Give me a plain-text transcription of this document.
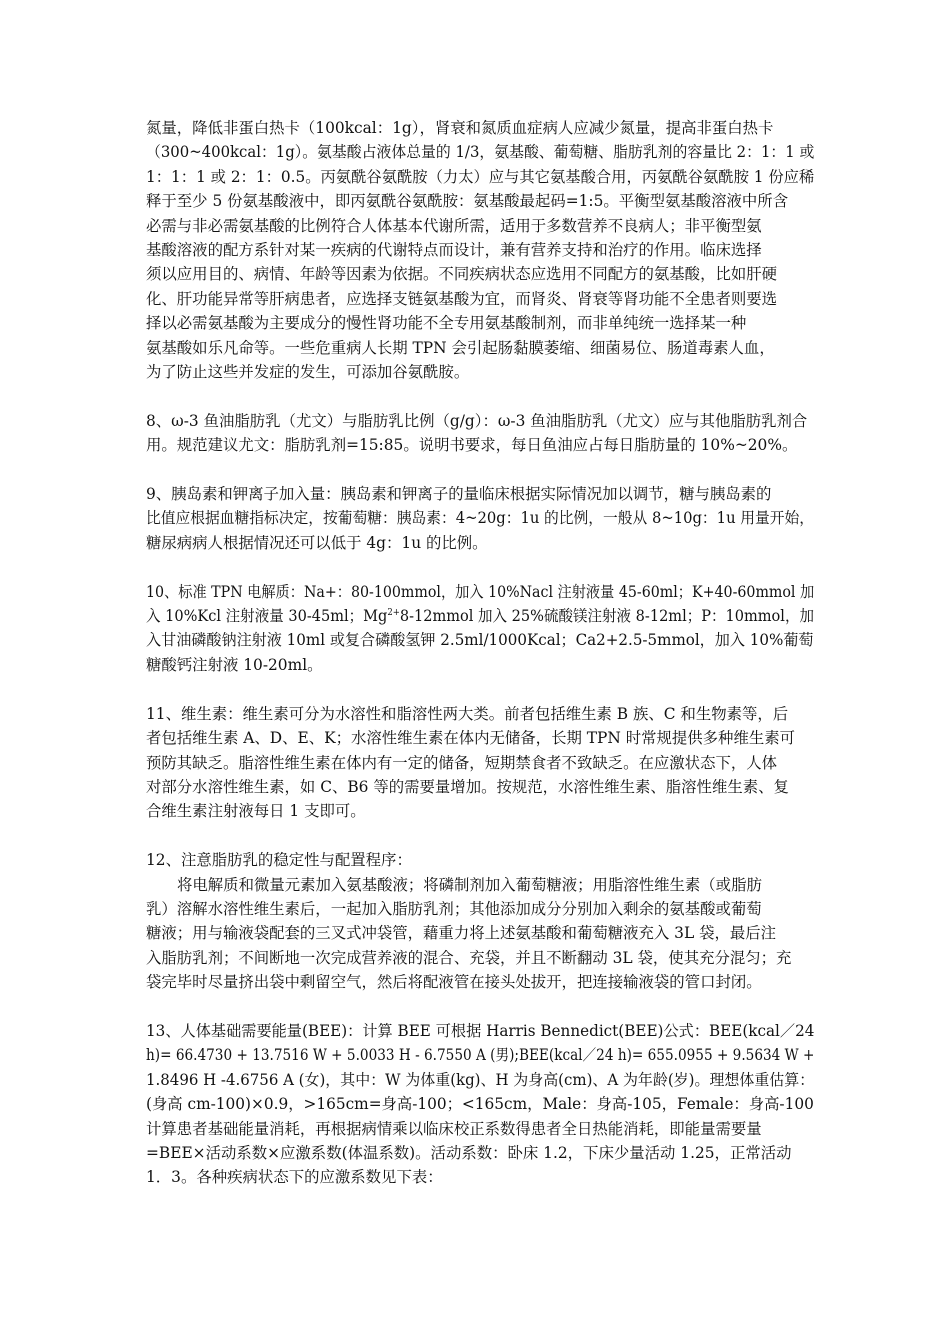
氮量，降低非蛋白热卡（100kcal：1g），肾衰和氮质血症病人应减少氮量，提高非蛋白热卡
（300~400kcal：1g）。氨基酸占液体总量的 1/3，氨基酸、葡萄糖、脂肪乳剂的容量比 2：1：1 或
1：1：1 或 2：1：0.5。丙氨酰谷氨酰胺（力太）应与其它氨基酸合用，丙氨酰谷氨酰胺 1 份应稀
释于至少 5 份氨基酸液中，即丙氨酰谷氨酰胺：氨基酸最起码=1:5。平衡型氨基酸溶液中所含
必需与非必需氨基酸的比例符合人体基本代谢所需，适用于多数营养不良病人；非平衡型氨
基酸溶液的配方系针对某一疾病的代谢特点而设计，兼有营养支持和治疗的作用。临床选择
须以应用目的、病情、年龄等因素为依据。不同疾病状态应选用不同配方的氨基酸，比如肝硬
化、肝功能异常等肝病患者，应选择支链氨基酸为宜，而肾炎、肾衰等肾功能不全患者则要选
择以必需氨基酸为主要成分的慢性肾功能不全专用氨基酸制剂，而非单纯统一选择某一种
氨基酸如乐凡命等。一些危重病人长期 TPN 会引起肠黏膜萎缩、细菌易位、肠道毒素人血，
为了防止这些并发症的发生，可添加谷氨酰胺。
8、ω-3 鱼油脂肪乳（尤文）与脂肪乳比例（g/g）：ω-3 鱼油脂肪乳（尤文）应与其他脂肪乳剂合
用。规范建议尤文：脂肪乳剂=15:85。说明书要求，每日鱼油应占每日脂肪量的 10%~20%。
9、胰岛素和钾离子加入量：胰岛素和钾离子的量临床根据实际情况加以调节，糖与胰岛素的
比值应根据血糖指标决定，按葡萄糖：胰岛素：4~20g：1u 的比例，一般从 8~10g：1u 用量开始，
糖尿病病人根据情况还可以低于 4g：1u 的比例。
10、标准 TPN 电解质：Na+：80-100mmol，加入 10%Nacl 注射液量 45-60ml；K+40-60mmol 加
入 10%Kcl 注射液量 30-45ml；$Mg^{2+}8-12mmol$ 加入 25%硫酸镁注射液 8-12ml；P：10mmol，加
入甘油磷酸钠注射液 10ml 或复合磷酸氢钾 2.5ml/1000Kcal；Ca2+2.5-5mmol，加入 10%葡萄
糖酸钙注射液 10-20ml。
11、维生素：维生素可分为水溶性和脂溶性两大类。前者包括维生素 B 族、C 和生物素等，后
者包括维生素 A、D、E、K；水溶性维生素在体内无储备，长期 TPN 时常规提供多种维生素可
预防其缺乏。脂溶性维生素在体内有一定的储备，短期禁食者不致缺乏。在应激状态下，人体
对部分水溶性维生素，如 C、B6 等的需要量增加。按规范，水溶性维生素、脂溶性维生素、复
合维生素注射液每日 1 支即可。
12、注意脂肪乳的稳定性与配置程序：
将电解质和微量元素加入氨基酸液；将磷制剂加入葡萄糖液；用脂溶性维生素（或脂肪
乳）溶解水溶性维生素后，一起加入脂肪乳剂；其他添加成分分别加入剩余的氨基酸或葡萄
糖液；用与输液袋配套的三叉式冲袋管，藉重力将上述氨基酸和葡萄糖液充入 3L 袋，最后注
入脂肪乳剂；不间断地一次完成营养液的混合、充袋，并且不断翻动 3L 袋，使其充分混匀；充
袋完毕时尽量挤出袋中剩留空气，然后将配液管在接头处拔开，把连接输液袋的管口封闭。
13、人体基础需要能量(BEE)：计算 BEE 可根据 Harris Bennedict(BEE)公式：BEE(kcal／24
h)= 66.4730 + 13.7516 W + 5.0033 H - 6.7550 A (男);BEE(kcal／24 h)= 655.0955 + 9.5634 W +
1.8496 H -4.6756 A (女)，其中：W 为体重(kg)、H 为身高(cm)、A 为年龄(岁)。理想体重估算：
(身高 cm-100)×0.9，>165cm=身高-100；<165cm，Male：身高-105，Female：身高-100
计算患者基础能量消耗，再根据病情乘以临床校正系数得患者全日热能消耗，即能量需要量
=BEE×活动系数×应激系数(体温系数)。活动系数：卧床 1.2，下床少量活动 1.25，正常活动
1．3。各种疾病状态下的应激系数见下表：
